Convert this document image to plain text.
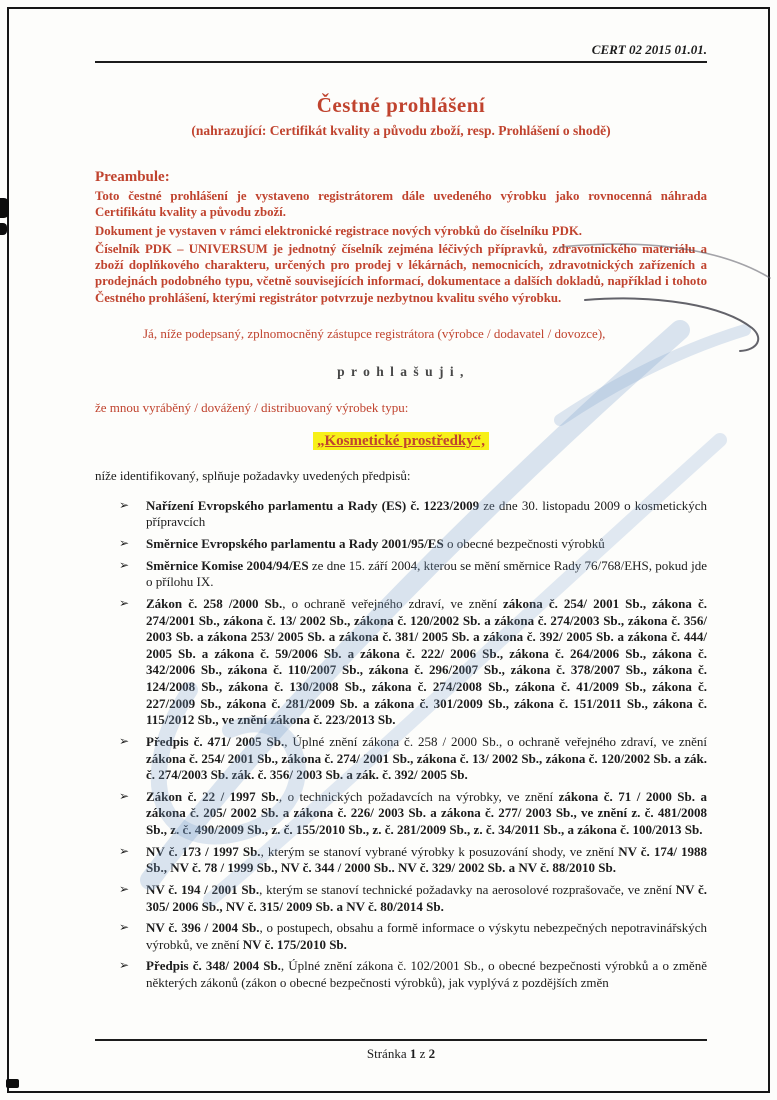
CERT 02 2015 01.01.
Čestné prohlášení
(nahrazující: Certifikát kvality a původu zboží, resp. Prohlášení o shodě)
Preambule:

Toto čestné prohlášení je vystaveno registrátorem dále uvedeného výrobku jako rovnocenná náhrada Certifikátu kvality a původu zboží.

Dokument je vystaven v rámci elektronické registrace nových výrobků do číselníku PDK.

Číselník PDK – UNIVERSUM je jednotný číselník zejména léčivých přípravků, zdravotnického materiálu a zboží doplňkového charakteru, určených pro prodej v lékárnách, nemocnicích, zdravotnických zařízeních a prodejnách podobného typu, včetně souvisejících informací, dokumentace a dalších dokladů, například i tohoto Čestného prohlášení, kterými registrátor potvrzuje nezbytnou kvalitu svého výrobku.

Já, níže podepsaný, zplnomocněný zástupce registrátora (výrobce / dodavatel / dovozce),

p r o h l a š u j i ,

že mnou vyráběný / dovážený / distribuovaný výrobek typu:

„Kosmetické prostředky“,

níže identifikovaný, splňuje požadavky uvedených předpisů:

➢ Nařízení Evropského parlamentu a Rady (ES) č. 1223/2009 ze dne 30. listopadu 2009 o kosmetických přípravcích
➢ Směrnice Evropského parlamentu a Rady 2001/95/ES o obecné bezpečnosti výrobků
➢ Směrnice Komise 2004/94/ES ze dne 15. září 2004, kterou se mění směrnice Rady 76/768/EHS, pokud jde o přílohu IX.
➢ Zákon č. 258 /2000 Sb., o ochraně veřejného zdraví, ve znění zákona č. 254/ 2001 Sb., zákona č. 274/2001 Sb., zákona č. 13/ 2002 Sb., zákona č. 120/2002 Sb. a zákona č. 274/2003 Sb., zákona č. 356/ 2003 Sb. a zákona 253/ 2005 Sb. a zákona č. 381/ 2005 Sb. a zákona č. 392/ 2005 Sb. a zákona č. 444/ 2005 Sb. a zákona č. 59/2006 Sb. a zákona č. 222/ 2006 Sb., zákona č. 264/2006 Sb., zákona č. 342/2006 Sb., zákona č. 110/2007 Sb., zákona č. 296/2007 Sb., zákona č. 378/2007 Sb., zákona č. 124/2008 Sb., zákona č. 130/2008 Sb., zákona č. 274/2008 Sb., zákona č. 41/2009 Sb., zákona č. 227/2009 Sb., zákona č. 281/2009 Sb. a zákona č. 301/2009 Sb., zákona č. 151/2011 Sb., zákona č. 115/2012 Sb., ve znění zákona č. 223/2013 Sb.
➢ Předpis č. 471/ 2005 Sb., Úplné znění zákona č. 258 / 2000 Sb., o ochraně veřejného zdraví, ve znění zákona č. 254/ 2001 Sb., zákona č. 274/ 2001 Sb., zákona č. 13/ 2002 Sb., zákona č. 120/2002 Sb. a zák. č. 274/2003 Sb. zák. č. 356/ 2003 Sb. a zák. č. 392/ 2005 Sb.
➢ Zákon č. 22 / 1997 Sb., o technických požadavcích na výrobky, ve znění zákona č. 71 / 2000 Sb. a zákona č. 205/ 2002 Sb. a zákona č. 226/ 2003 Sb. a zákona č. 277/ 2003 Sb., ve znění z. č. 481/2008 Sb., z. č. 490/2009 Sb., z. č. 155/2010 Sb., z. č. 281/2009 Sb., z. č. 34/2011 Sb., a zákona č. 100/2013 Sb.
➢ NV č. 173 / 1997 Sb., kterým se stanoví vybrané výrobky k posuzování shody, ve znění NV č. 174/ 1988 Sb., NV č. 78 / 1999 Sb., NV č. 344 / 2000 Sb.. NV č. 329/ 2002 Sb. a NV č. 88/2010 Sb.
➢ NV č. 194 / 2001 Sb., kterým se stanoví technické požadavky na aerosolové rozprašovače, ve znění NV č. 305/ 2006 Sb., NV č. 315/ 2009 Sb. a NV č. 80/2014 Sb.
➢ NV č. 396 / 2004 Sb., o postupech, obsahu a formě informace o výskytu nebezpečných nepotravinářských výrobků, ve znění NV č. 175/2010 Sb.
➢ Předpis č. 348/ 2004 Sb., Úplné znění zákona č. 102/2001 Sb., o obecné bezpečnosti výrobků a o změně některých zákonů (zákon o obecné bezpečnosti výrobků), jak vyplývá z pozdějších změn
Stránka 1 z 2
